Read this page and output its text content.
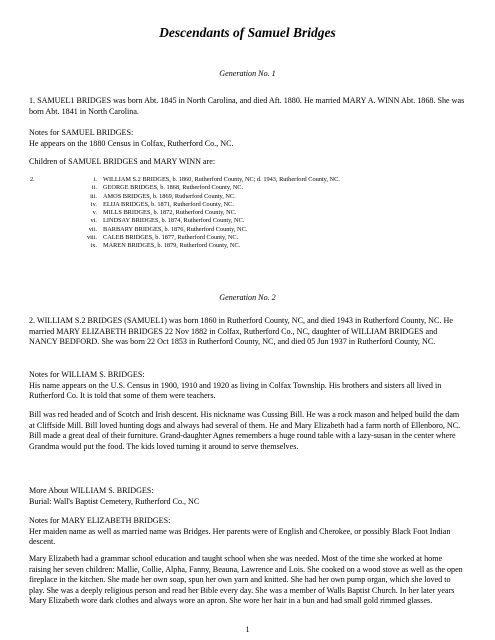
Descendants of Samuel Bridges
Generation No. 1

1. SAMUEL1 BRIDGES was born Abt. 1845 in North Carolina, and died Aft. 1880. He married MARY A. WINN Abt. 1868. She was born Abt. 1841 in North Carolina.

Notes for SAMUEL BRIDGES:

He appears on the 1880 Census in Colfax, Rutherford Co., NC.

Children of SAMUEL BRIDGES and MARY WINN are:

2.	i. WILLIAM S.2 BRIDGES, b. 1860, Rutherford County, NC; d. 1943, Rutherford County, NC.
ii. GEORGE BRIDGES, b. 1868, Rutherford County, NC.
iii. AMOS BRIDGES, b. 1869, Rutherford County, NC.
iv. ELIJA BRIDGES, b. 1871, Rutherford County, NC.
v. MILLS BRIDGES, b. 1872, Rutherford County, NC.
vi. LINDSAY BRIDGES, b. 1874, Rutherford County, NC.
vii. BARBARY BRIDGES, b. 1876, Rutherford County, NC.
viii. CALEB BRIDGES, b. 1877, Rutherford County, NC.
ix. MAREN BRIDGES, b. 1879, Rutherford County, NC.
Generation No. 2

2. WILLIAM S.2 BRIDGES (SAMUEL1) was born 1860 in Rutherford County, NC, and died 1943 in Rutherford County, NC. He married MARY ELIZABETH BRIDGES 22 Nov 1882 in Colfax, Rutherford Co., NC, daughter of WILLIAM BRIDGES and NANCY BEDFORD. She was born 22 Oct 1853 in Rutherford County, NC, and died 05 Jun 1937 in Rutherford County, NC.

Notes for WILLIAM S. BRIDGES:

His name appears on the U.S. Census in 1900, 1910 and 1920 as living in Colfax Township. His brothers and sisters all lived in Rutherford Co. It is told that some of them were teachers.

Bill was red headed and of Scotch and Irish descent. His nickname was Cussing Bill. He was a rock mason and helped build the dam at Cliffside Mill. Bill loved hunting dogs and always had several of them. He and Mary Elizabeth had a farm north of Ellenboro, NC. Bill made a great deal of their furniture. Grand-daughter Agnes remembers a huge round table with a lazy-susan in the center where Grandma would put the food. The kids loved turning it around to serve themselves.

More About WILLIAM S. BRIDGES:

Burial: Wall's Baptist Cemetery, Rutherford Co., NC

Notes for MARY ELIZABETH BRIDGES:

Her maiden name as well as married name was Bridges. Her parents were of English and Cherokee, or possibly Black Foot Indian descent.

Mary Elizabeth had a grammar school education and taught school when she was needed. Most of the time she worked at home raising her seven children: Mallie, Collie, Alpha, Fanny, Beauna, Lawrence and Lois. She cooked on a wood stove as well as the open fireplace in the kitchen. She made her own soap, spun her own yarn and knitted. She had her own pump organ, which she loved to play. She was a deeply religious person and read her Bible every day. She was a member of Walls Baptist Church. In her later years Mary Elizabeth wore dark clothes and always wore an apron. She wore her hair in a bun and had small gold rimmed glasses.

1
